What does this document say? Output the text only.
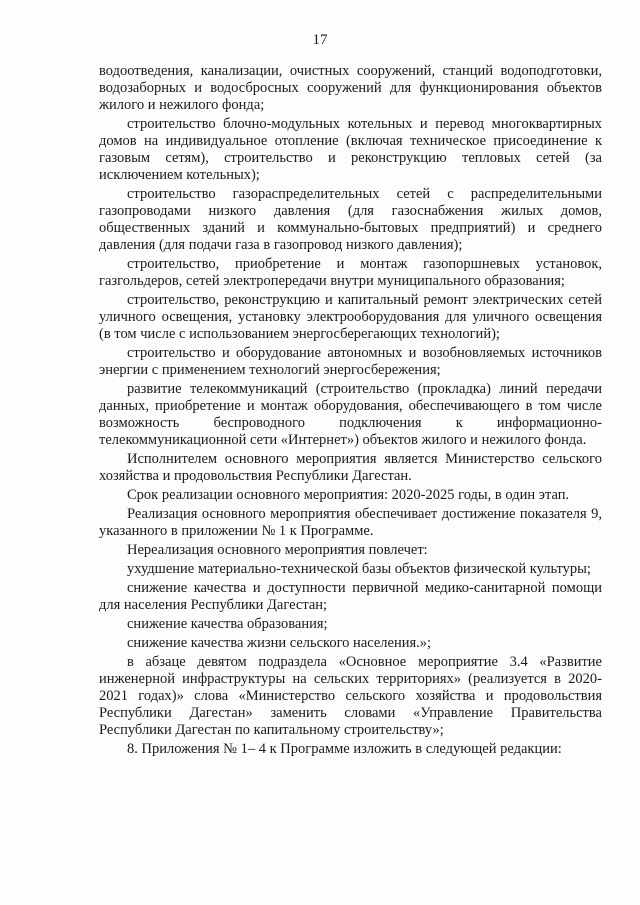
17

водоотведения, канализации, очистных сооружений, станций водоподготовки, водозаборных и водосбросных сооружений для функционирования объектов жилого и нежилого фонда;

строительство блочно-модульных котельных и перевод многоквартирных домов на индивидуальное отопление (включая техническое присоединение к газовым сетям), строительство и реконструкцию тепловых сетей (за исключением котельных);

строительство газораспределительных сетей с распределительными газопроводами низкого давления (для газоснабжения жилых домов, общественных зданий и коммунально-бытовых предприятий) и среднего давления (для подачи газа в газопровод низкого давления);

строительство, приобретение и монтаж газопоршневых установок, газгольдеров, сетей электропередачи внутри муниципального образования;

строительство, реконструкцию и капитальный ремонт электрических сетей уличного освещения, установку электрооборудования для уличного освещения (в том числе с использованием энергосберегающих технологий);

строительство и оборудование автономных и возобновляемых источников энергии с применением технологий энергосбережения;

развитие телекоммуникаций (строительство (прокладка) линий передачи данных, приобретение и монтаж оборудования, обеспечивающего в том числе возможность беспроводного подключения к информационно-телекоммуникационной сети «Интернет») объектов жилого и нежилого фонда.

Исполнителем основного мероприятия является Министерство сельского хозяйства и продовольствия Республики Дагестан.

Срок реализации основного мероприятия: 2020-2025 годы, в один этап.

Реализация основного мероприятия обеспечивает достижение показателя 9, указанного в приложении № 1 к Программе.

Нереализация основного мероприятия повлечет:

ухудшение материально-технической базы объектов физической культуры;

снижение качества и доступности первичной медико-санитарной помощи для населения Республики Дагестан;

снижение качества образования;

снижение качества жизни сельского населения.»;

в абзаце девятом подраздела «Основное мероприятие 3.4 «Развитие инженерной инфраструктуры на сельских территориях» (реализуется в 2020-2021 годах)» слова «Министерство сельского хозяйства и продовольствия Республики Дагестан» заменить словами «Управление Правительства Республики Дагестан по капитальному строительству»;

8. Приложения № 1– 4 к Программе изложить в следующей редакции:
